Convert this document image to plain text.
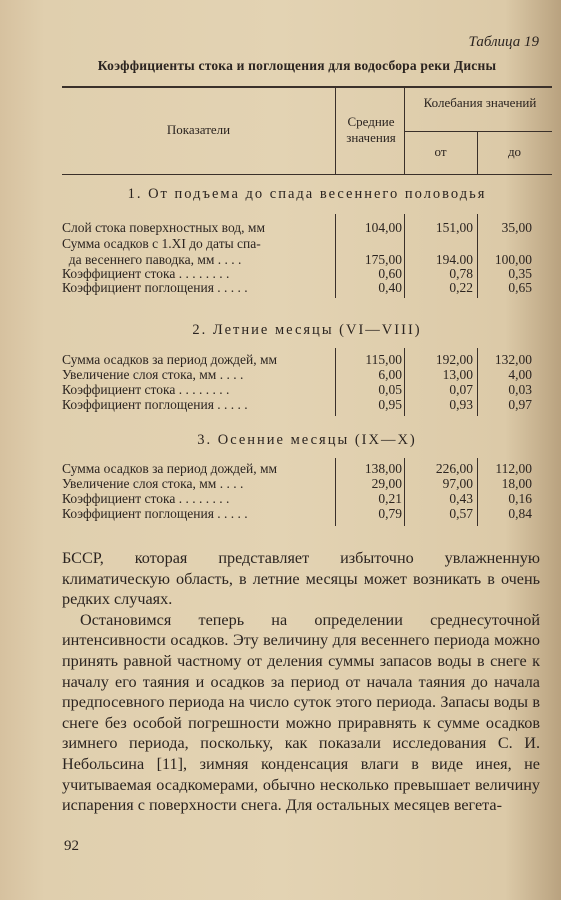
Таблица 19
Коэффициенты стока и поглощения для водосбора реки Дисны
Показатели
Средние значения
Колебания значений
от	до
1. От подъема до спада весеннего половодья
Слой стока поверхностных вод, мм	104,00	151,00	35,00
Сумма осадков с 1.XI до даты спа-
да весеннего паводка, мм . . . .	175,00	194.00	100,00
Коэффициент стока . . . . . . . .	0,60	0,78	0,35
Коэффициент поглощения . . . . .	0,40	0,22	0,65
2. Летние месяцы (VI—VIII)
Сумма осадков за период дождей, мм	115,00	192,00	132,00
Увеличение слоя стока, мм . . . .	6,00	13,00	4,00
Коэффициент стока . . . . . . . .	0,05	0,07	0,03
Коэффициент поглощения . . . . .	0,95	0,93	0,97
3. Осенние месяцы (IX—X)
Сумма осадков за период дождей, мм	138,00	226,00	112,00
Увеличение слоя стока, мм . . . .	29,00	97,00	18,00
Коэффициент стока . . . . . . . .	0,21	0,43	0,16
Коэффициент поглощения . . . . .	0,79	0,57	0,84

БССР, которая представляет избыточно увлажненную климатическую область, в летние месяцы может возникать в очень редких случаях.

Остановимся теперь на определении среднесуточной интенсивности осадков. Эту величину для весеннего периода можно принять равной частному от деления суммы запасов воды в снеге к началу его таяния и осадков за период от начала таяния до начала предпосевного периода на число суток этого периода. Запасы воды в снеге без особой погрешности можно приравнять к сумме осадков зимнего периода, поскольку, как показали исследования С. И. Небольсина [11], зимняя конденсация влаги в виде инея, не учитываемая осадкомерами, обычно несколько превышает величину испарения с поверхности снега. Для остальных месяцев вегета-

92
